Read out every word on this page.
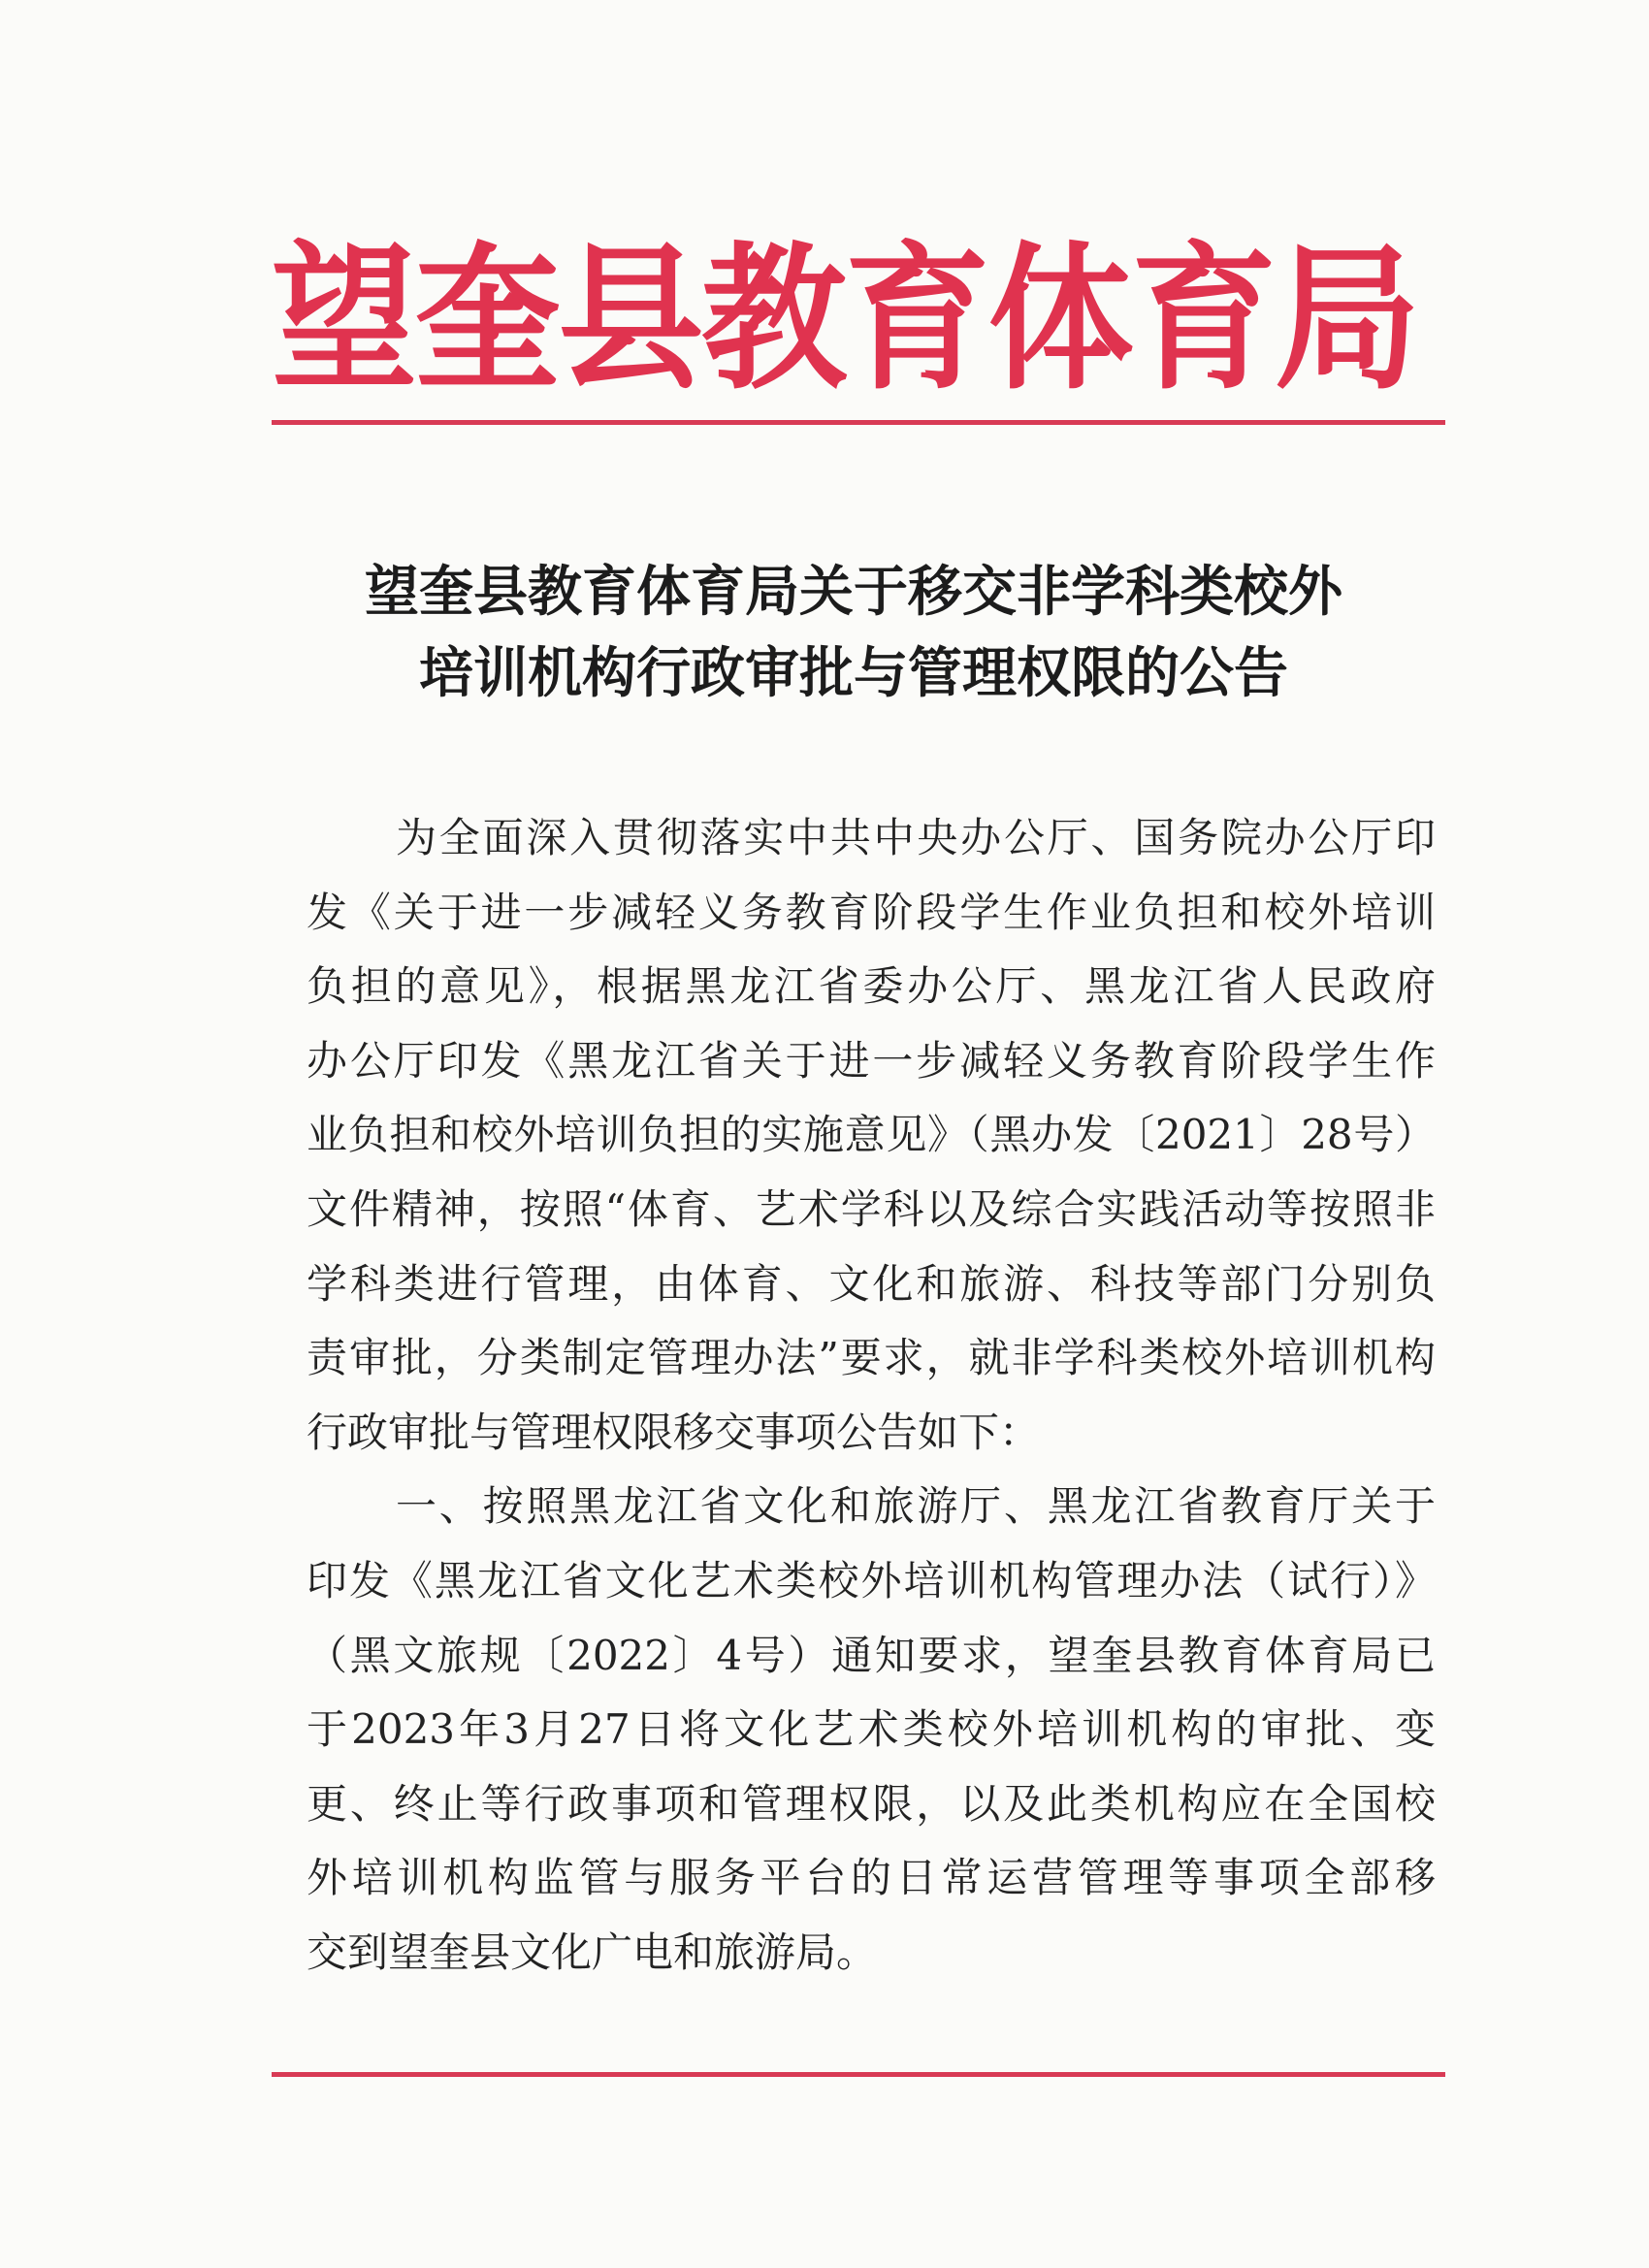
望
奎
县
教
育
体
育
局
望奎县教育体育局关于移交非学科类校外
培训机构行政审批与管理权限的公告
为全面深入贯彻落实中共中央办公厅、国务院办公厅印
发《关于进一步减轻义务教育阶段学生作业负担和校外培训
负担的意见》，根据黑龙江省委办公厅、黑龙江省人民政府
办公厅印发《黑龙江省关于进一步减轻义务教育阶段学生作
业负担和校外培训负担的实施意见》（黑办发〔2021〕28号）
文件精神，按照“体育、艺术学科以及综合实践活动等按照非
学科类进行管理，由体育、文化和旅游、科技等部门分别负
责审批，分类制定管理办法”要求，就非学科类校外培训机构
行政审批与管理权限移交事项公告如下：
一、按照黑龙江省文化和旅游厅、黑龙江省教育厅关于
印发《黑龙江省文化艺术类校外培训机构管理办法（试行）》
（黑文旅规〔2022〕4号）通知要求，望奎县教育体育局已
于2023年3月27日将文化艺术类校外培训机构的审批、变
更、终止等行政事项和管理权限，以及此类机构应在全国校
外培训机构监管与服务平台的日常运营管理等事项全部移
交到望奎县文化广电和旅游局。
